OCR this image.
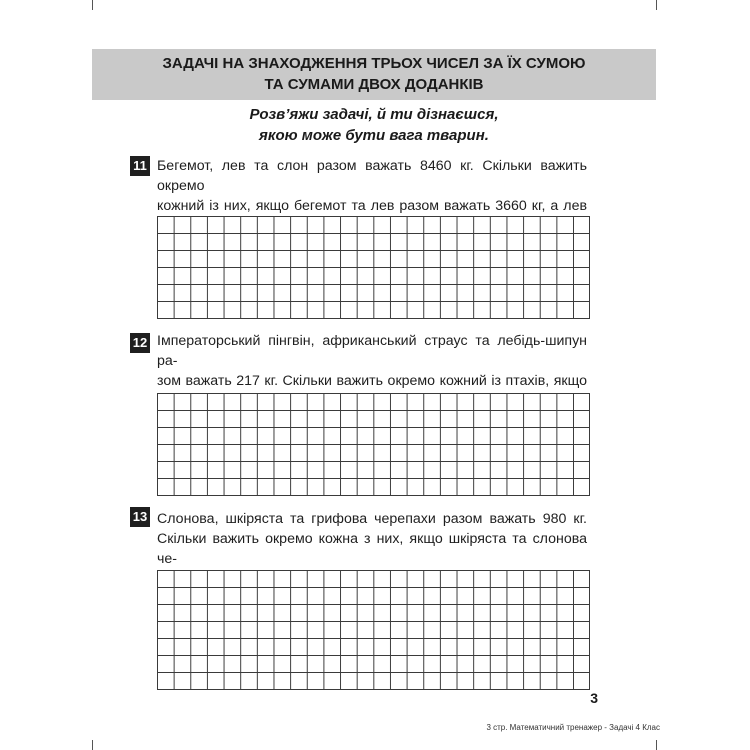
ЗАДАЧІ НА ЗНАХОДЖЕННЯ ТРЬОХ ЧИСЕЛ ЗА ЇХ СУМОЮ
ТА СУМАМИ ДВОХ ДОДАНКІВ
Розв’яжи задачі, й ти дізнаєшся,
якою може бути вага тварин.
11 Бегемот, лев та слон разом важать 8460 кг. Скільки важить окремо
кожний із них, якщо бегемот та лев разом важать 3660 кг, а лев
12 Імператорський пінгвін, африканський страус та лебідь-шипун ра-
зом важать 217 кг. Скільки важить окремо кожний із птахів, якщо
13 Слонова, шкіряста та грифова черепахи разом важать 980 кг.
Скільки важить окремо кожна з них, якщо шкіряста та слонова че-
3
3 стр. Математичний тренажер - Задачі 4 Клас
